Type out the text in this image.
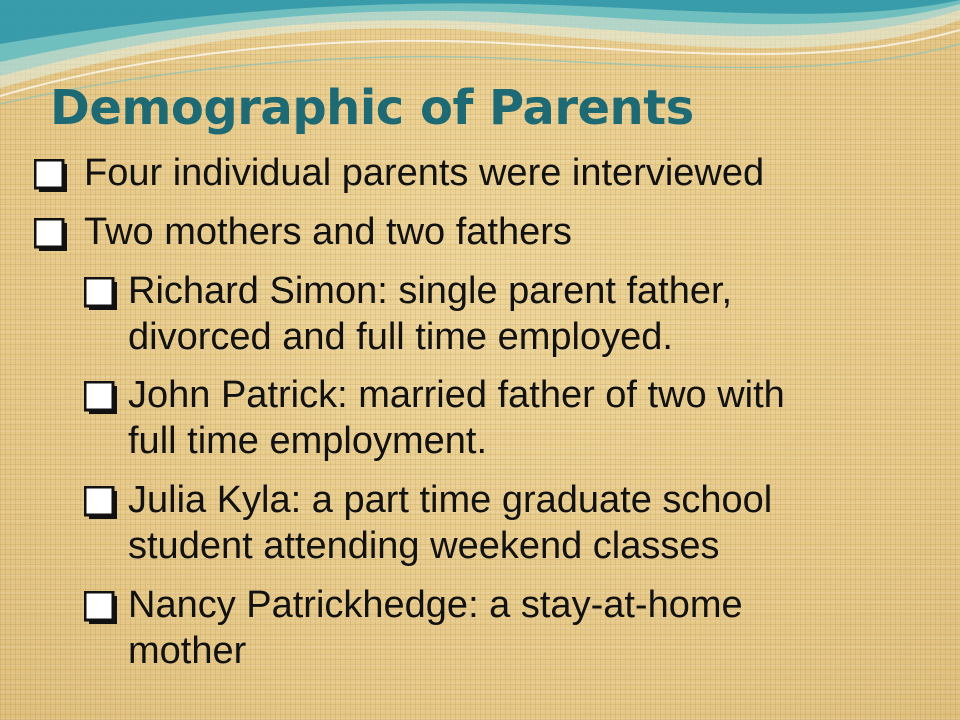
Demographic of Parents
Four individual parents were interviewed
Two mothers and two fathers
Richard Simon: single parent father,
divorced and full time employed.
John Patrick: married father of two with
full time employment.
Julia Kyla: a part time graduate school
student attending weekend classes
Nancy Patrickhedge: a stay-at-home
mother
